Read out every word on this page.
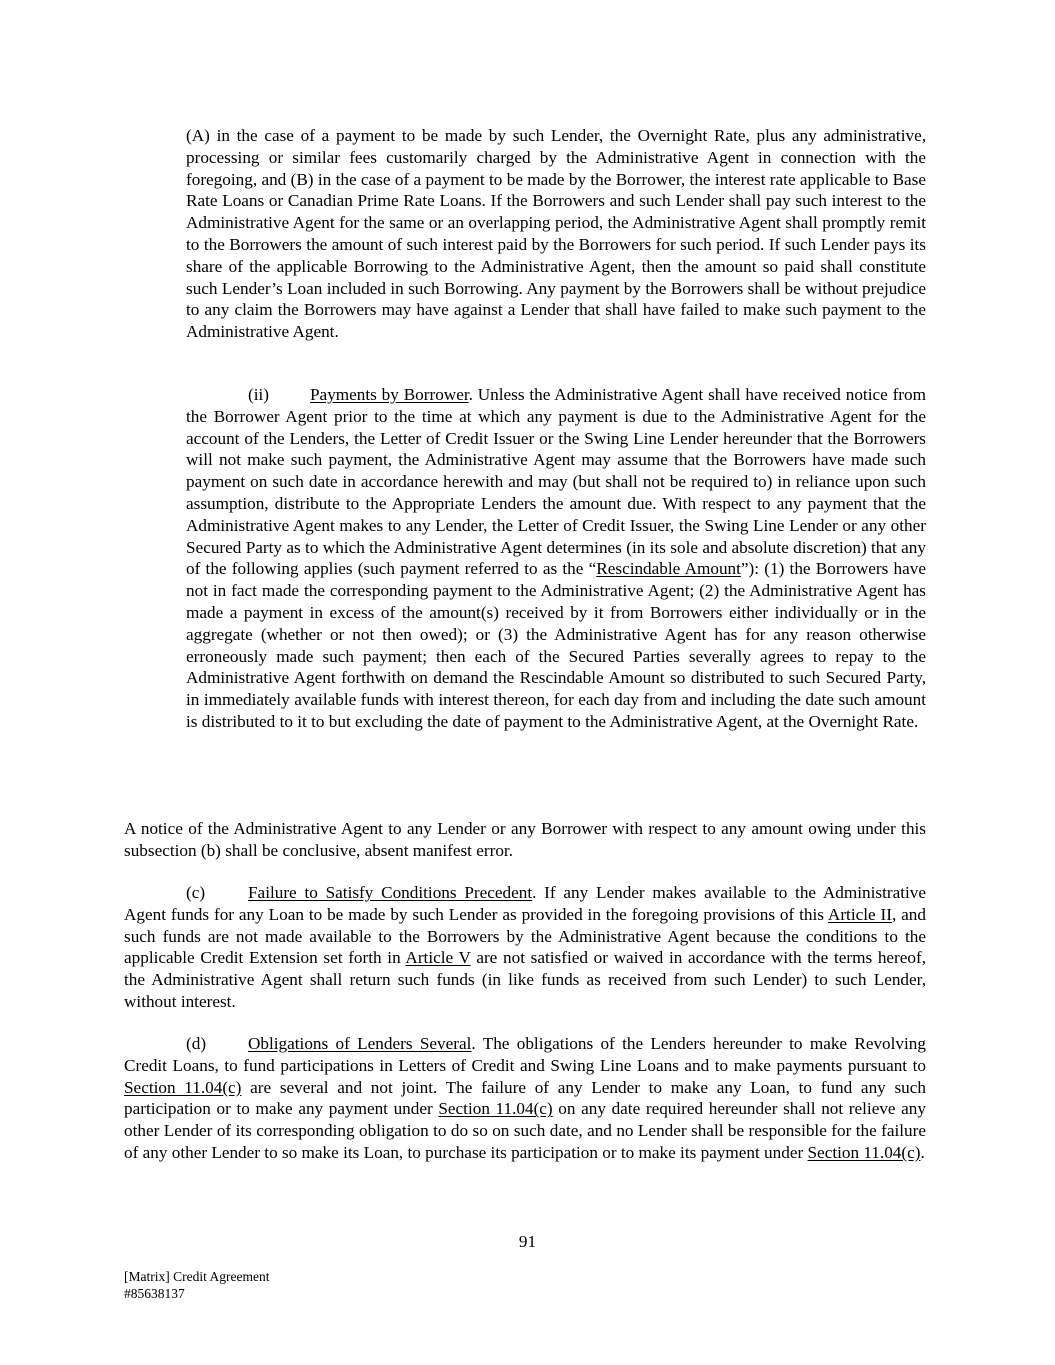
(A) in the case of a payment to be made by such Lender, the Overnight Rate, plus any administrative, processing or similar fees customarily charged by the Administrative Agent in connection with the foregoing, and (B) in the case of a payment to be made by the Borrower, the interest rate applicable to Base Rate Loans or Canadian Prime Rate Loans. If the Borrowers and such Lender shall pay such interest to the Administrative Agent for the same or an overlapping period, the Administrative Agent shall promptly remit to the Borrowers the amount of such interest paid by the Borrowers for such period. If such Lender pays its share of the applicable Borrowing to the Administrative Agent, then the amount so paid shall constitute such Lender’s Loan included in such Borrowing. Any payment by the Borrowers shall be without prejudice to any claim the Borrowers may have against a Lender that shall have failed to make such payment to the Administrative Agent.

(ii) Payments by Borrower. Unless the Administrative Agent shall have received notice from the Borrower Agent prior to the time at which any payment is due to the Administrative Agent for the account of the Lenders, the Letter of Credit Issuer or the Swing Line Lender hereunder that the Borrowers will not make such payment, the Administrative Agent may assume that the Borrowers have made such payment on such date in accordance herewith and may (but shall not be required to) in reliance upon such assumption, distribute to the Appropriate Lenders the amount due. With respect to any payment that the Administrative Agent makes to any Lender, the Letter of Credit Issuer, the Swing Line Lender or any other Secured Party as to which the Administrative Agent determines (in its sole and absolute discretion) that any of the following applies (such payment referred to as the “Rescindable Amount”): (1) the Borrowers have not in fact made the corresponding payment to the Administrative Agent; (2) the Administrative Agent has made a payment in excess of the amount(s) received by it from Borrowers either individually or in the aggregate (whether or not then owed); or (3) the Administrative Agent has for any reason otherwise erroneously made such payment; then each of the Secured Parties severally agrees to repay to the Administrative Agent forthwith on demand the Rescindable Amount so distributed to such Secured Party, in immediately available funds with interest thereon, for each day from and including the date such amount is distributed to it to but excluding the date of payment to the Administrative Agent, at the Overnight Rate.

A notice of the Administrative Agent to any Lender or any Borrower with respect to any amount owing under this subsection (b) shall be conclusive, absent manifest error.

(c) Failure to Satisfy Conditions Precedent. If any Lender makes available to the Administrative Agent funds for any Loan to be made by such Lender as provided in the foregoing provisions of this Article II, and such funds are not made available to the Borrowers by the Administrative Agent because the conditions to the applicable Credit Extension set forth in Article V are not satisfied or waived in accordance with the terms hereof, the Administrative Agent shall return such funds (in like funds as received from such Lender) to such Lender, without interest.

(d) Obligations of Lenders Several. The obligations of the Lenders hereunder to make Revolving Credit Loans, to fund participations in Letters of Credit and Swing Line Loans and to make payments pursuant to Section 11.04(c) are several and not joint. The failure of any Lender to make any Loan, to fund any such participation or to make any payment under Section 11.04(c) on any date required hereunder shall not relieve any other Lender of its corresponding obligation to do so on such date, and no Lender shall be responsible for the failure of any other Lender to so make its Loan, to purchase its participation or to make its payment under Section 11.04(c).

91
[Matrix] Credit Agreement
#85638137
